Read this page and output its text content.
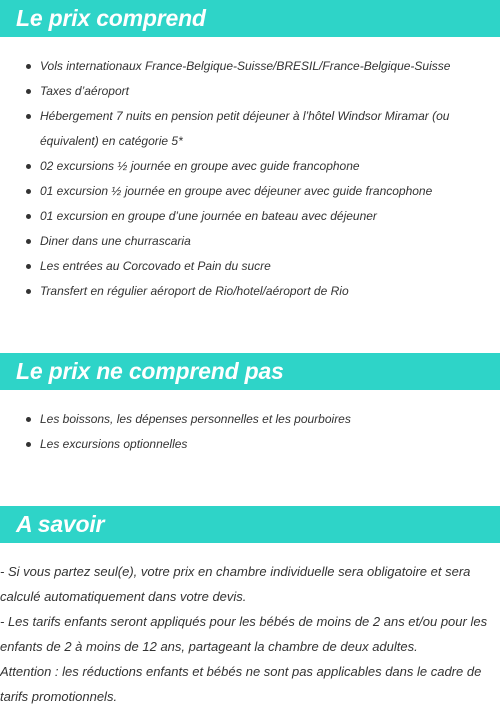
Le prix comprend
Vols internationaux France-Belgique-Suisse/BRESIL/France-Belgique-Suisse
Taxes d’aéroport
Hébergement 7 nuits en pension petit déjeuner à l’hôtel Windsor Miramar (ou équivalent) en catégorie 5*
02 excursions ½ journée en groupe avec guide francophone
01 excursion ½ journée en groupe avec déjeuner avec guide francophone
01 excursion en groupe d’une journée en bateau avec déjeuner
Diner dans une churrascaria
Les entrées au Corcovado et Pain du sucre
Transfert en régulier aéroport de Rio/hotel/aéroport de Rio
Le prix ne comprend pas
Les boissons, les dépenses personnelles et les pourboires
Les excursions optionnelles
A savoir

- Si vous partez seul(e), votre prix en chambre individuelle sera obligatoire et sera calculé automatiquement dans votre devis.

- Les tarifs enfants seront appliqués pour les bébés de moins de 2 ans et/ou pour les enfants de 2 à moins de 12 ans, partageant la chambre de deux adultes.

Attention : les réductions enfants et bébés ne sont pas applicables dans le cadre de tarifs promotionnels.
